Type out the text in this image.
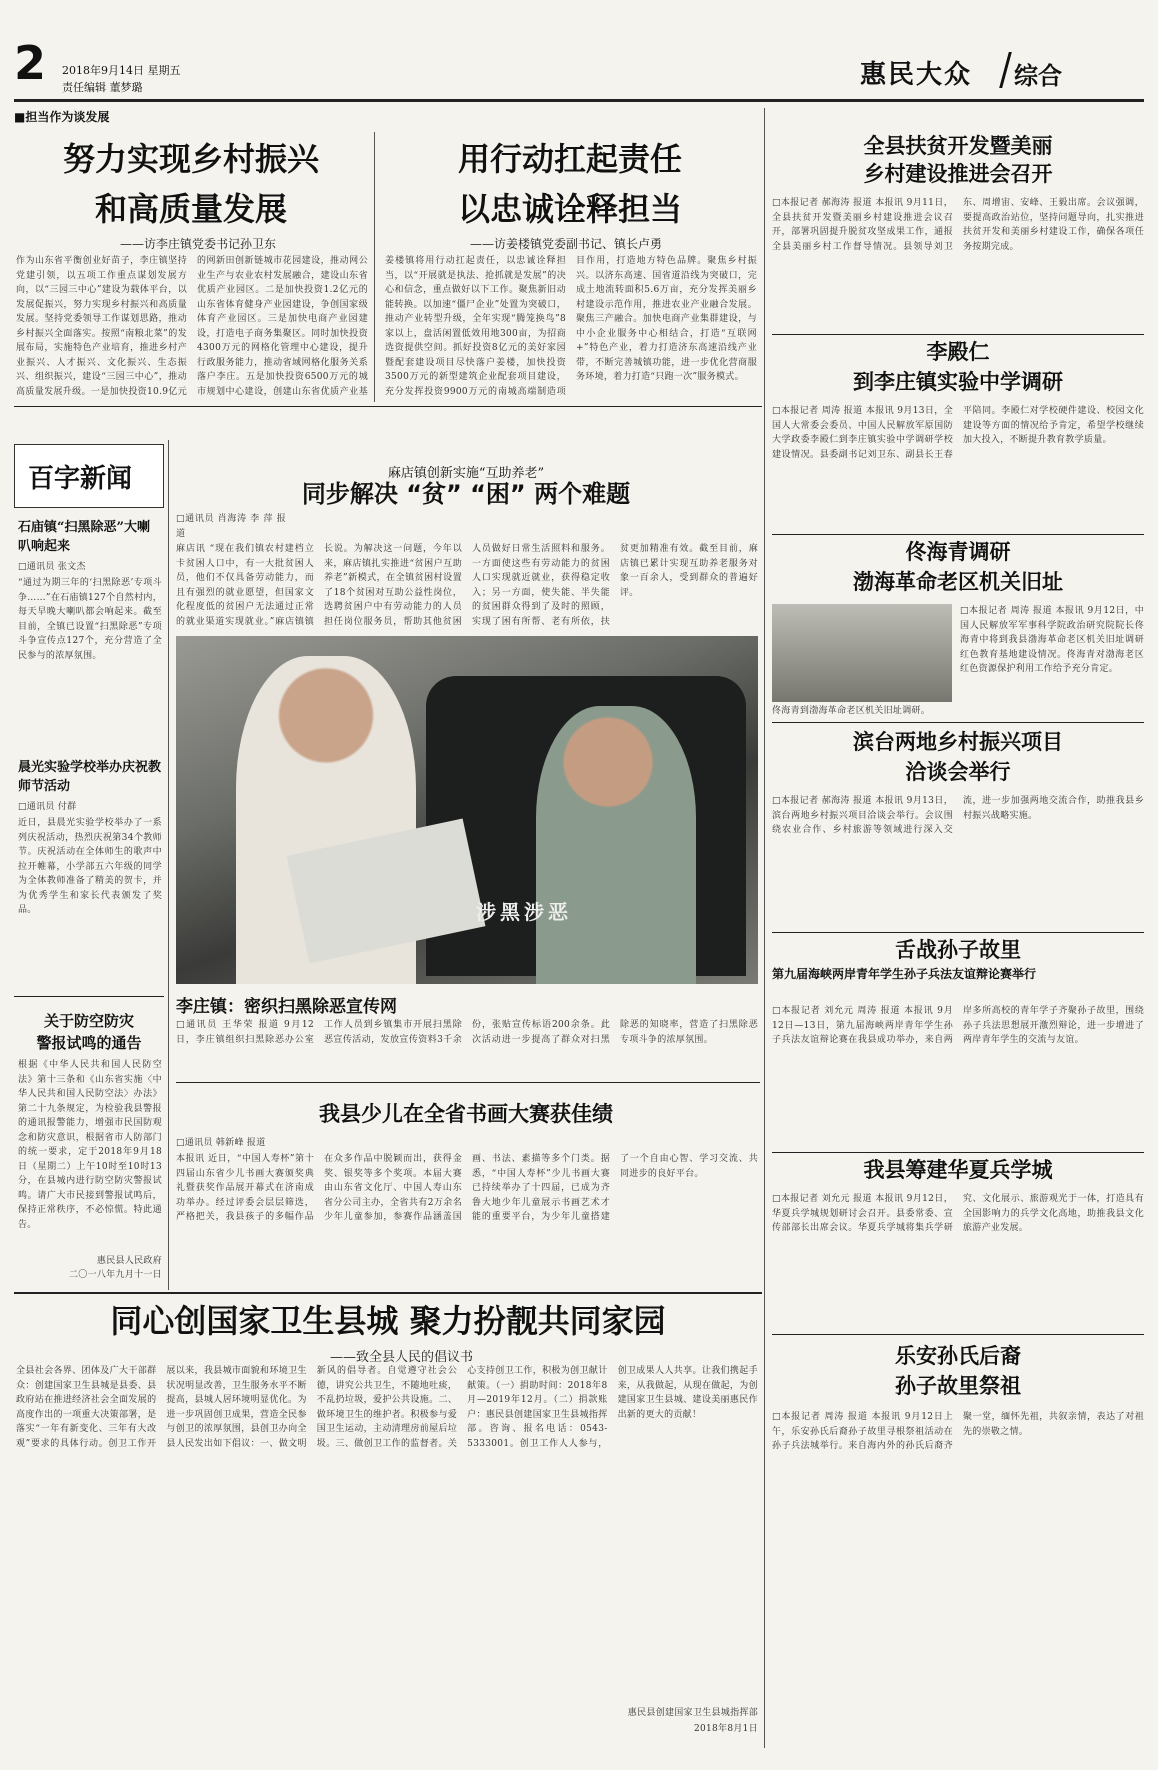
2 2018年9月14日 星期五
责任编辑 董梦璐	惠民大众 综合
■担当作为谈发展
努力实现乡村振兴
和高质量发展
——访李庄镇党委书记孙卫东
作为山东省平衡创业好苗子，李庄镇坚持党建引领，以五项工作重点谋划发展方向，以“三园三中心”建设为载体平台，以发展促振兴，努力实现乡村振兴和高质量发展。坚持党委领导工作谋划思路，推动乡村振兴全面落实。按照“南粮北菜”的发展布局，实施特色产业培育，推进乡村产业振兴、人才振兴、文化振兴、生态振兴、组织振兴，建设“三园三中心”，推动高质量发展升级。一是加快投资10.9亿元的网新田创新链城市花园建设，推动网公业生产与农业农村发展融合，建设山东省优质产业园区。二是加快投资1.2亿元的山东省体育健身产业园建设，争创国家级体育产业园区。三是加快电商产业园建设，打造电子商务集聚区。同时加快投资4300万元的网格化管理中心建设，提升行政服务能力，推动省域网格化服务关系落户李庄。五是加快投资6500万元的城市规划中心建设，创建山东省优质产业基
用行动扛起责任
以忠诚诠释担当
——访姜楼镇党委副书记、镇长卢勇
姜楼镇将用行动扛起责任，以忠诚诠释担当，以“开展就是执法、抢抓就是发展”的决心和信念，重点做好以下工作。聚焦新旧动能转换。以加速“僵尸企业”处置为突破口，推动产业转型升级，全年实现“腾笼换鸟”8家以上，盘活闲置低效用地300亩，为招商选资提供空间。抓好投资8亿元的美好家园暨配套建设项目尽快落户姜楼，加快投资3500万元的新型建筑企业配套项目建设，充分发挥投资9900万元的南城高端制造项目作用，打造地方特色品牌。聚焦乡村振兴。以济东高速、国省道沿线为突破口，完成土地流转面积5.6万亩，充分发挥美丽乡村建设示范作用，推进农业产业融合发展。聚焦三产融合。加快电商产业集群建设，与中小企业服务中心相结合，打造“互联网+”特色产业，着力打造济东高速沿线产业带，不断完善城镇功能，进一步优化营商服务环境，着力打造“只跑一次”服务模式。
百字新闻
石庙镇“扫黑除恶”大喇叭响起来
□通讯员 张文杰
“通过为期三年的‘扫黑除恶’专项斗争……”在石庙镇127个自然村内，每天早晚大喇叭都会响起来。截至目前，全镇已设置“扫黑除恶”专项斗争宣传点127个，充分营造了全民参与的浓厚氛围。
晨光实验学校举办庆祝教师节活动
□通讯员 付群
近日，县晨光实验学校举办了一系列庆祝活动，热烈庆祝第34个教师节。庆祝活动在全体师生的歌声中拉开帷幕，小学部五六年级的同学为全体教师准备了精美的贺卡，并为优秀学生和家长代表颁发了奖品。
关于防空防灾
警报试鸣的通告
根据《中华人民共和国人民防空法》第十三条和《山东省实施〈中华人民共和国人民防空法〉办法》第二十九条规定，为检验我县警报的通讯报警能力，增强市民国防观念和防灾意识，根据省市人防部门的统一要求，定于2018年9月18日（星期二）上午10时至10时13分，在县城内进行防空防灾警报试鸣。请广大市民接到警报试鸣后，保持正常秩序，不必惊慌。特此通告。
惠民县人民政府
二〇一八年九月十一日
麻店镇创新实施“互助养老”
同步解决 “贫” “困” 两个难题
□通讯员 肖海涛 李 萍 报道
麻店讯 “现在我们镇农村建档立卡贫困人口中，有一大批贫困人员，他们不仅具备劳动能力，而且有强烈的就业愿望，但国家文化程度低的贫困户无法通过正常的就业渠道实现就业。”麻店镇镇长说。为解决这一问题，今年以来，麻店镇扎实推进“贫困户互助养老”新模式，在全镇贫困村设置了18个贫困对互助公益性岗位，选聘贫困户中有劳动能力的人员担任岗位服务员，帮助其他贫困人员做好日常生活照料和服务。一方面使这些有劳动能力的贫困人口实现就近就业，获得稳定收入；另一方面，使失能、半失能的贫困群众得到了及时的照顾，实现了困有所帮、老有所依，扶贫更加精准有效。截至目前，麻店镇已累计实现互助养老服务对象一百余人，受到群众的普遍好评。
涉黑涉恶
李庄镇：密织扫黑除恶宣传网
□通讯员 王华荣 报道 9月12日，李庄镇组织扫黑除恶办公室工作人员到乡镇集市开展扫黑除恶宣传活动，发放宣传资料3千余份，张贴宣传标语200余条。此次活动进一步提高了群众对扫黑除恶的知晓率，营造了扫黑除恶专项斗争的浓厚氛围。
我县少儿在全省书画大赛获佳绩
□通讯员 韩新峰 报道
本报讯 近日，“中国人寿杯”第十四届山东省少儿书画大赛颁奖典礼暨获奖作品展开幕式在济南成功举办。经过评委会层层筛选，严格把关，我县孩子的多幅作品在众多作品中脱颖而出，获得金奖、银奖等多个奖项。本届大赛由山东省文化厅、中国人寿山东省分公司主办，全省共有2万余名少年儿童参加，参赛作品涵盖国画、书法、素描等多个门类。据悉，“中国人寿杯”少儿书画大赛已持续举办了十四届，已成为齐鲁大地少年儿童展示书画艺术才能的重要平台，为少年儿童搭建了一个自由心智、学习交流、共同进步的良好平台。
同心创国家卫生县城 聚力扮靓共同家园
——致全县人民的倡议书
全县社会各界、团体及广大干部群众：创建国家卫生县城是县委、县政府站在推进经济社会全面发展的高度作出的一项重大决策部署，是落实“一年有新变化、三年有大改观”要求的具体行动。创卫工作开展以来，我县城市面貌和环境卫生状况明显改善，卫生服务水平不断提高，县城人居环境明显优化。为进一步巩固创卫成果，营造全民参与创卫的浓厚氛围，县创卫办向全县人民发出如下倡议：一、做文明新风的倡导者。自觉遵守社会公德，讲究公共卫生，不随地吐痰，不乱扔垃圾，爱护公共设施。二、做环境卫生的维护者。积极参与爱国卫生运动，主动清理房前屋后垃圾。三、做创卫工作的监督者。关心支持创卫工作，积极为创卫献计献策。（一）捐助时间：2018年8月—2019年12月。（二）捐款账户：惠民县创建国家卫生县城指挥部。咨询、报名电话：0543-5333001。创卫工作人人参与，创卫成果人人共享。让我们携起手来，从我做起，从现在做起，为创建国家卫生县城、建设美丽惠民作出新的更大的贡献！
惠民县创建国家卫生县城指挥部
2018年8月1日
全县扶贫开发暨美丽
乡村建设推进会召开
□本报记者 郝海涛 报道 本报讯 9月11日，全县扶贫开发暨美丽乡村建设推进会议召开，部署巩固提升脱贫攻坚成果工作，通报全县美丽乡村工作督导情况。县领导刘卫东、周增宙、安峰、王毅出席。会议强调，要提高政治站位，坚持问题导向，扎实推进扶贫开发和美丽乡村建设工作，确保各项任务按期完成。
李殿仁
到李庄镇实验中学调研
□本报记者 周涛 报道 本报讯 9月13日，全国人大常委会委员、中国人民解放军原国防大学政委李殿仁到李庄镇实验中学调研学校建设情况。县委副书记刘卫东、副县长王春平陪同。李殿仁对学校硬件建设、校园文化建设等方面的情况给予肯定，希望学校继续加大投入，不断提升教育教学质量。
佟海青调研
渤海革命老区机关旧址
□本报记者 周涛 报道 本报讯 9月12日，中国人民解放军军事科学院政治研究院院长佟海青中将到我县渤海革命老区机关旧址调研红色教育基地建设情况。佟海青对渤海老区红色资源保护利用工作给予充分肯定。
佟海青到渤海革命老区机关旧址调研。
滨台两地乡村振兴项目
洽谈会举行
□本报记者 郝海涛 报道 本报讯 9月13日，滨台两地乡村振兴项目洽谈会举行。会议围绕农业合作、乡村旅游等领域进行深入交流，进一步加强两地交流合作，助推我县乡村振兴战略实施。
舌战孙子故里
第九届海峡两岸青年学生孙子兵法友谊辩论赛举行
□本报记者 刘允元 周涛 报道 本报讯 9月12日—13日，第九届海峡两岸青年学生孙子兵法友谊辩论赛在我县成功举办，来自两岸多所高校的青年学子齐聚孙子故里，围绕孙子兵法思想展开激烈辩论，进一步增进了两岸青年学生的交流与友谊。
我县筹建华夏兵学城
□本报记者 刘允元 报道 本报讯 9月12日，华夏兵学城规划研讨会召开。县委常委、宣传部部长出席会议。华夏兵学城将集兵学研究、文化展示、旅游观光于一体，打造具有全国影响力的兵学文化高地，助推我县文化旅游产业发展。
乐安孙氏后裔
孙子故里祭祖
□本报记者 周涛 报道 本报讯 9月12日上午，乐安孙氏后裔孙子故里寻根祭祖活动在孙子兵法城举行。来自海内外的孙氏后裔齐聚一堂，缅怀先祖，共叙亲情，表达了对祖先的崇敬之情。
